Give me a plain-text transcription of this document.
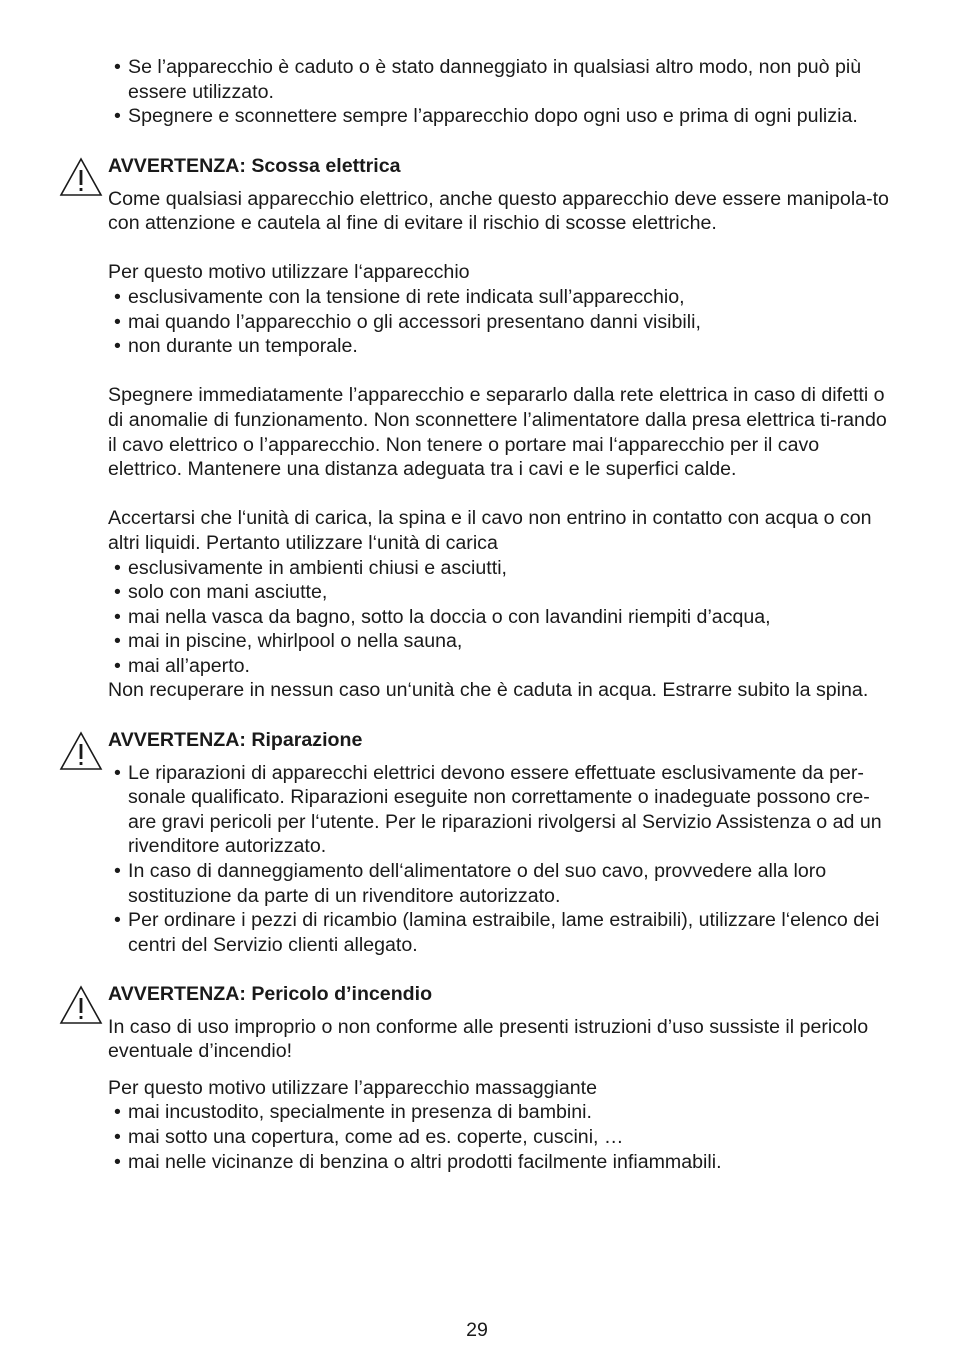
• Se l’apparecchio è caduto o è stato danneggiato in qualsiasi altro modo, non può più essere utilizzato.
• Spegnere e sconnettere sempre l’apparecchio dopo ogni uso e prima di ogni pulizia.

AVVERTENZA: Scossa elettrica

Come qualsiasi apparecchio elettrico, anche questo apparecchio deve essere manipola-to con attenzione e cautela al fine di evitare il rischio di scosse elettriche.

Per questo motivo utilizzare l‘apparecchio

• esclusivamente con la tensione di rete indicata sull’apparecchio,
• mai quando l’apparecchio o gli accessori presentano danni visibili,
• non durante un temporale.

Spegnere immediatamente l’apparecchio e separarlo dalla rete elettrica in caso di difetti o di anomalie di funzionamento. Non sconnettere l’alimentatore dalla presa elettrica ti-rando il cavo elettrico o l’apparecchio. Non tenere o portare mai l‘apparecchio per il cavo elettrico. Mantenere una distanza adeguata tra i cavi e le superfici calde.

Accertarsi che l‘unità di carica, la spina e il cavo non entrino in contatto con acqua o con altri liquidi. Pertanto utilizzare l‘unità di carica

• esclusivamente in ambienti chiusi e asciutti,
• solo con mani asciutte,
• mai nella vasca da bagno, sotto la doccia o con lavandini riempiti d’acqua,
• mai in piscine, whirlpool o nella sauna,
• mai all’aperto.

Non recuperare in nessun caso un‘unità che è caduta in acqua. Estrarre subito la spina.

AVVERTENZA: Riparazione

• Le riparazioni di apparecchi elettrici devono essere effettuate esclusivamente da per-sonale qualificato. Riparazioni eseguite non correttamente o inadeguate possono cre-are gravi pericoli per l‘utente. Per le riparazioni rivolgersi al Servizio Assistenza o ad un rivenditore autorizzato.
• In caso di danneggiamento dell‘alimentatore o del suo cavo, provvedere alla loro sostituzione da parte di un rivenditore autorizzato.
• Per ordinare i pezzi di ricambio (lamina estraibile, lame estraibili), utilizzare l‘elenco dei centri del Servizio clienti allegato.

AVVERTENZA: Pericolo d’incendio

In caso di uso improprio o non conforme alle presenti istruzioni d’uso sussiste il pericolo eventuale d’incendio!

Per questo motivo utilizzare l’apparecchio massaggiante

• mai incustodito, specialmente in presenza di bambini.
• mai sotto una copertura, come ad es. coperte, cuscini, …
• mai nelle vicinanze di benzina o altri prodotti facilmente infiammabili.
29
